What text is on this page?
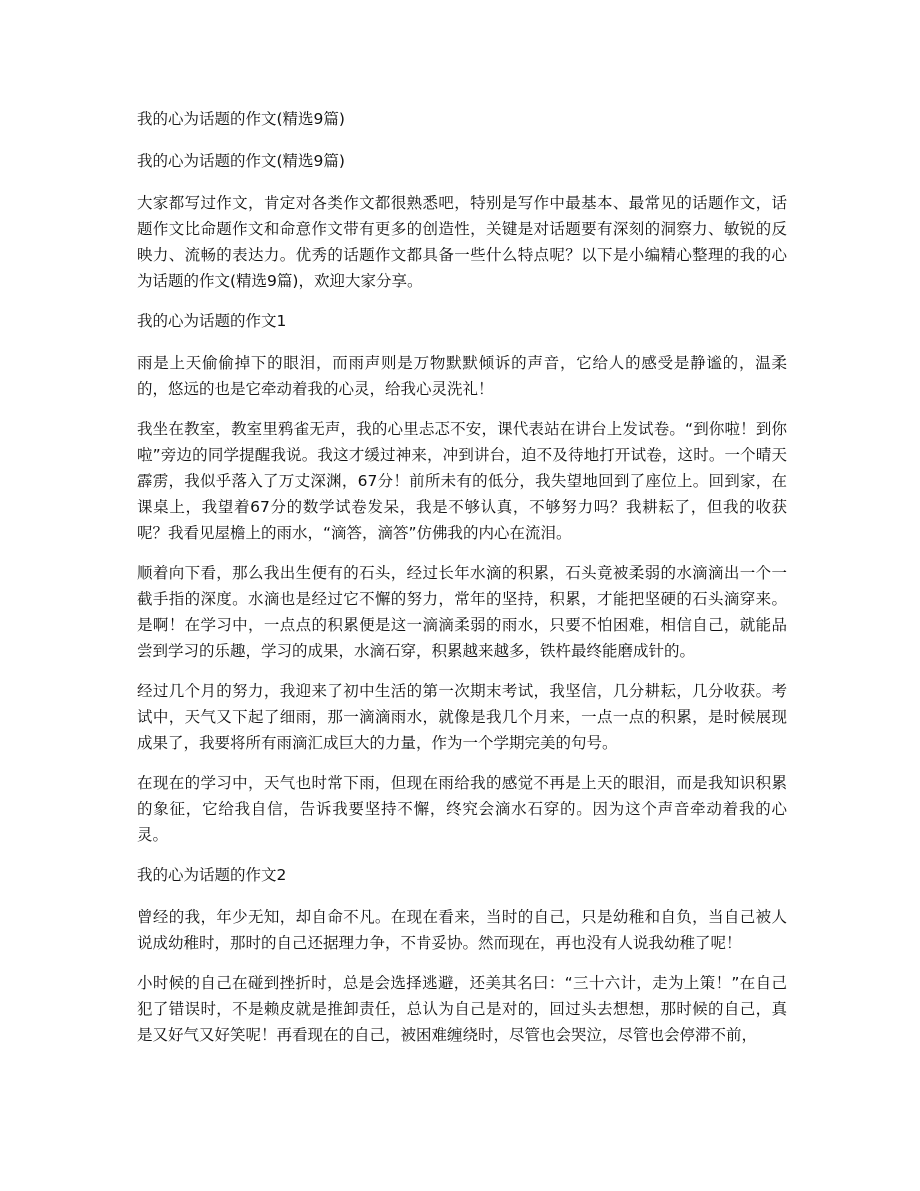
我的心为话题的作文(精选9篇)

我的心为话题的作文(精选9篇)

大家都写过作文，肯定对各类作文都很熟悉吧，特别是写作中最基本、最常见的话题作文，话题作文比命题作文和命意作文带有更多的创造性，关键是对话题要有深刻的洞察力、敏锐的反映力、流畅的表达力。优秀的话题作文都具备一些什么特点呢？以下是小编精心整理的我的心为话题的作文(精选9篇)，欢迎大家分享。

我的心为话题的作文1

雨是上天偷偷掉下的眼泪，而雨声则是万物默默倾诉的声音，它给人的感受是静谧的，温柔的，悠远的也是它牵动着我的心灵，给我心灵洗礼！

我坐在教室，教室里鸦雀无声，我的心里忐忑不安，课代表站在讲台上发试卷。“到你啦！到你啦”旁边的同学提醒我说。我这才缓过神来，冲到讲台，迫不及待地打开试卷，这时。一个晴天霹雳，我似乎落入了万丈深渊，67分！前所未有的低分，我失望地回到了座位上。回到家，在课桌上，我望着67分的数学试卷发呆，我是不够认真，不够努力吗？我耕耘了，但我的收获呢？我看见屋檐上的雨水，“滴答，滴答”仿佛我的内心在流泪。

顺着向下看，那么我出生便有的石头，经过长年水滴的积累，石头竟被柔弱的水滴滴出一个一截手指的深度。水滴也是经过它不懈的努力，常年的坚持，积累，才能把坚硬的石头滴穿来。是啊！在学习中，一点点的积累便是这一滴滴柔弱的雨水，只要不怕困难，相信自己，就能品尝到学习的乐趣，学习的成果，水滴石穿，积累越来越多，铁杵最终能磨成针的。

经过几个月的努力，我迎来了初中生活的第一次期末考试，我坚信，几分耕耘，几分收获。考试中，天气又下起了细雨，那一滴滴雨水，就像是我几个月来，一点一点的积累，是时候展现成果了，我要将所有雨滴汇成巨大的力量，作为一个学期完美的句号。

在现在的学习中，天气也时常下雨，但现在雨给我的感觉不再是上天的眼泪，而是我知识积累的象征，它给我自信，告诉我要坚持不懈，终究会滴水石穿的。因为这个声音牵动着我的心灵。

我的心为话题的作文2

曾经的我，年少无知，却自命不凡。在现在看来，当时的自己，只是幼稚和自负，当自己被人说成幼稚时，那时的自己还据理力争，不肯妥协。然而现在，再也没有人说我幼稚了呢！

小时候的自己在碰到挫折时，总是会选择逃避，还美其名曰：“三十六计，走为上策！”在自己犯了错误时，不是赖皮就是推卸责任，总认为自己是对的，回过头去想想，那时候的自己，真是又好气又好笑呢！再看现在的自己，被困难缠绕时，尽管也会哭泣，尽管也会停滞不前，
